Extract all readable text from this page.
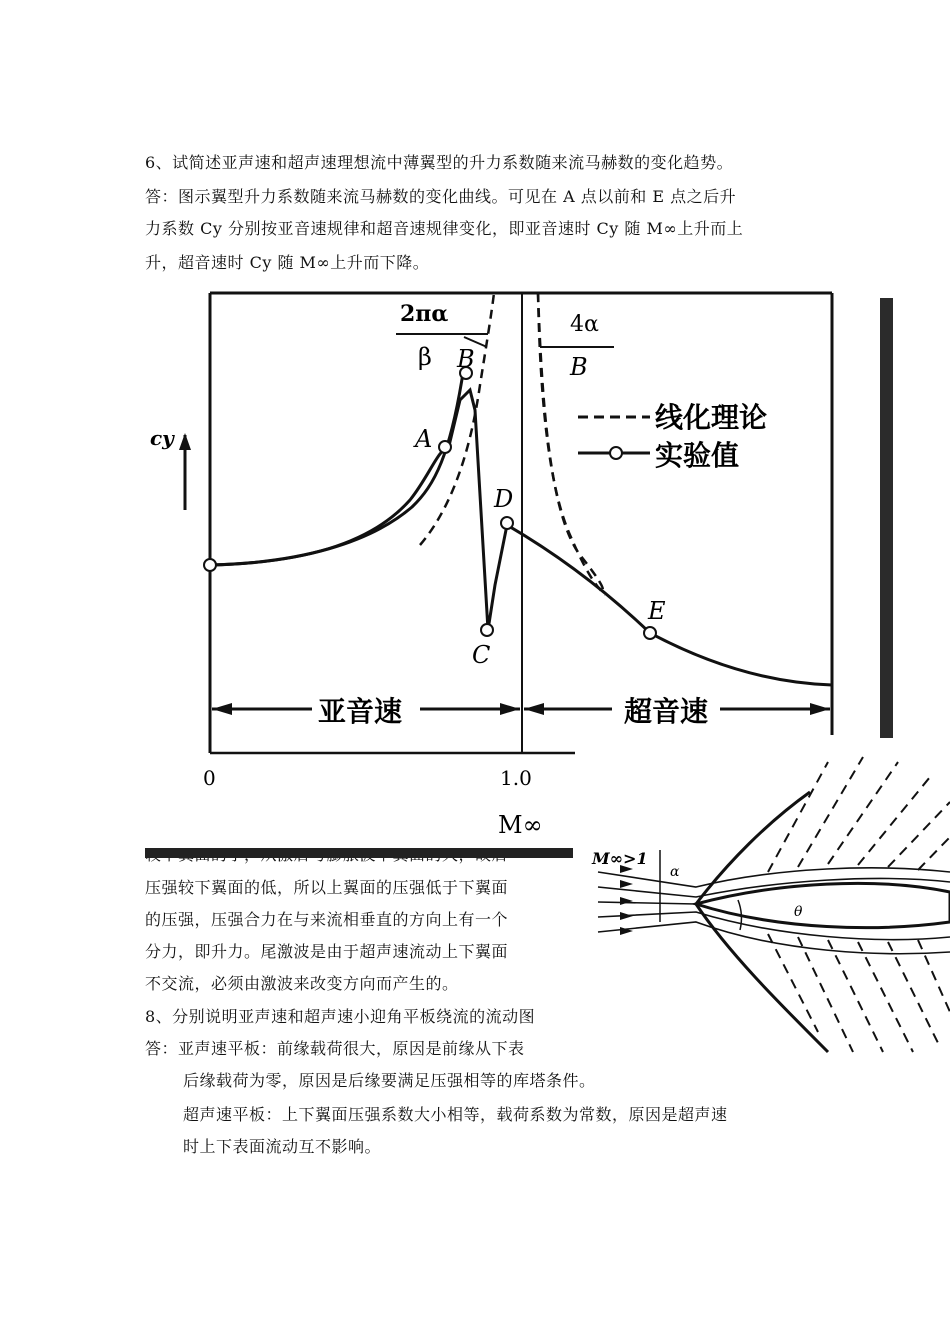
6、试简述亚声速和超声速理想流中薄翼型的升力系数随来流马赫数的变化趋势。
答：图示翼型升力系数随来流马赫数的变化曲线。可见在 A 点以前和 E 点之后升
力系数 Cy 分别按亚音速规律和超音速规律变化，即亚音速时 Cy 随 M∞上升而上
升，超音速时 Cy 随 M∞上升而下降。
A
B
C
D
E
2πα
β
4α
B
cy
线化理论
实验值
亚音速	超音速
0	1.0
M∞
压强较下翼面的低，所以上翼面的压强低于下翼面
的压强，压强合力在与来流相垂直的方向上有一个
分力，即升力。尾激波是由于超声速流动上下翼面
不交流，必须由激波来改变方向而产生的。
8、分别说明亚声速和超声速小迎角平板绕流的流动图
答：亚声速平板：前缘载荷很大，原因是前缘从下表
后缘载荷为零，原因是后缘要满足压强相等的库塔条件。
超声速平板：上下翼面压强系数大小相等，载荷系数为常数，原因是超声速
时上下表面流动互不影响。
M∞>1
α
θ
